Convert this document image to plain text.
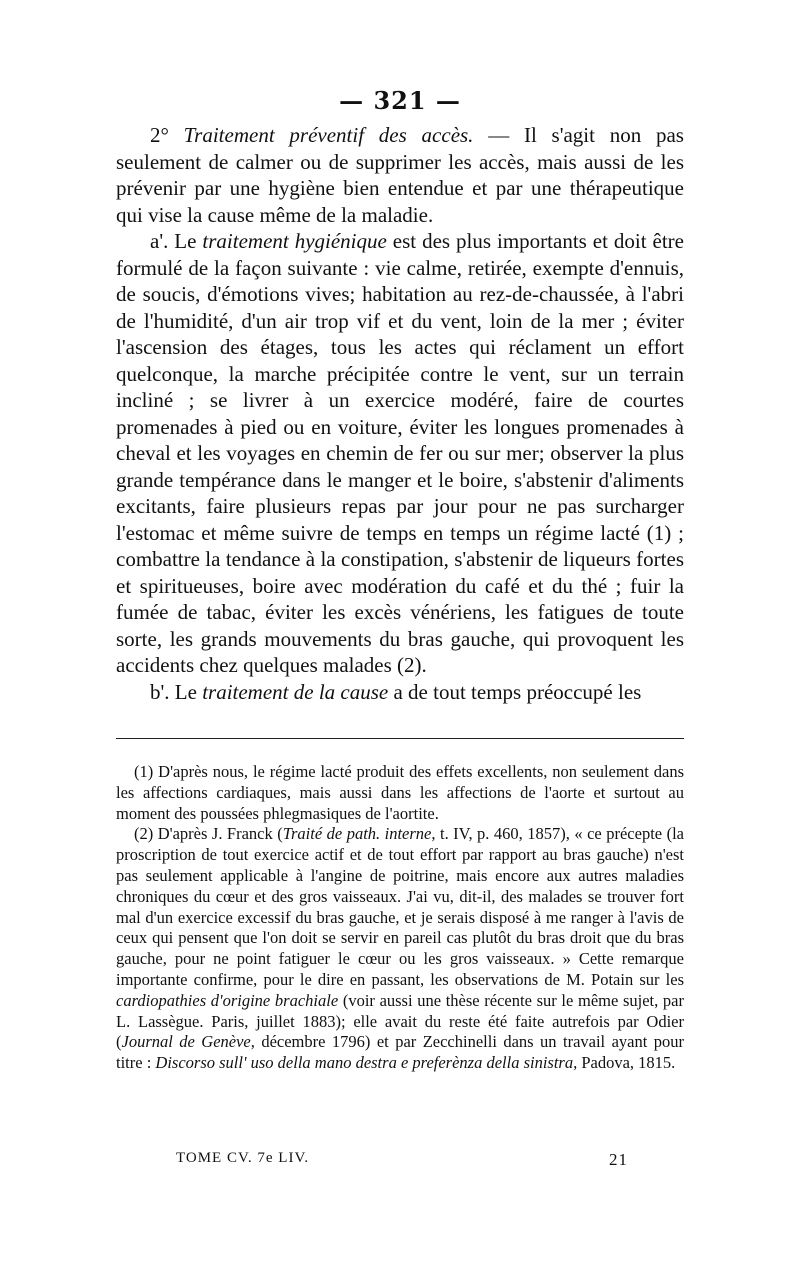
— 321 —

2° Traitement préventif des accès. — Il s'agit non pas seulement de calmer ou de supprimer les accès, mais aussi de les prévenir par une hygiène bien entendue et par une thérapeutique qui vise la cause même de la maladie.

a'. Le traitement hygiénique est des plus importants et doit être formulé de la façon suivante : vie calme, retirée, exempte d'ennuis, de soucis, d'émotions vives; habitation au rez-de-chaussée, à l'abri de l'humidité, d'un air trop vif et du vent, loin de la mer ; éviter l'ascension des étages, tous les actes qui réclament un effort quelconque, la marche précipitée contre le vent, sur un terrain incliné ; se livrer à un exercice modéré, faire de courtes promenades à pied ou en voiture, éviter les longues promenades à cheval et les voyages en chemin de fer ou sur mer; observer la plus grande tempérance dans le manger et le boire, s'abstenir d'aliments excitants, faire plusieurs repas par jour pour ne pas surcharger l'estomac et même suivre de temps en temps un régime lacté (1) ; combattre la tendance à la constipation, s'abstenir de liqueurs fortes et spiritueuses, boire avec modération du café et du thé ; fuir la fumée de tabac, éviter les excès vénériens, les fatigues de toute sorte, les grands mouvements du bras gauche, qui provoquent les accidents chez quelques malades (2).

b'. Le traitement de la cause a de tout temps préoccupé les

(1) D'après nous, le régime lacté produit des effets excellents, non seulement dans les affections cardiaques, mais aussi dans les affections de l'aorte et surtout au moment des poussées phlegmasiques de l'aortite.

(2) D'après J. Franck (Traité de path. interne, t. IV, p. 460, 1857), « ce précepte (la proscription de tout exercice actif et de tout effort par rapport au bras gauche) n'est pas seulement applicable à l'angine de poitrine, mais encore aux autres maladies chroniques du cœur et des gros vaisseaux. J'ai vu, dit-il, des malades se trouver fort mal d'un exercice excessif du bras gauche, et je serais disposé à me ranger à l'avis de ceux qui pensent que l'on doit se servir en pareil cas plutôt du bras droit que du bras gauche, pour ne point fatiguer le cœur ou les gros vaisseaux. » Cette remarque importante confirme, pour le dire en passant, les observations de M. Potain sur les cardiopathies d'origine brachiale (voir aussi une thèse récente sur le même sujet, par L. Lassègue. Paris, juillet 1883); elle avait du reste été faite autrefois par Odier (Journal de Genève, décembre 1796) et par Zecchinelli dans un travail ayant pour titre : Discorso sull' uso della mano destra e preferènza della sinistra, Padova, 1815.

TOME CV. 7e LIV.	21
